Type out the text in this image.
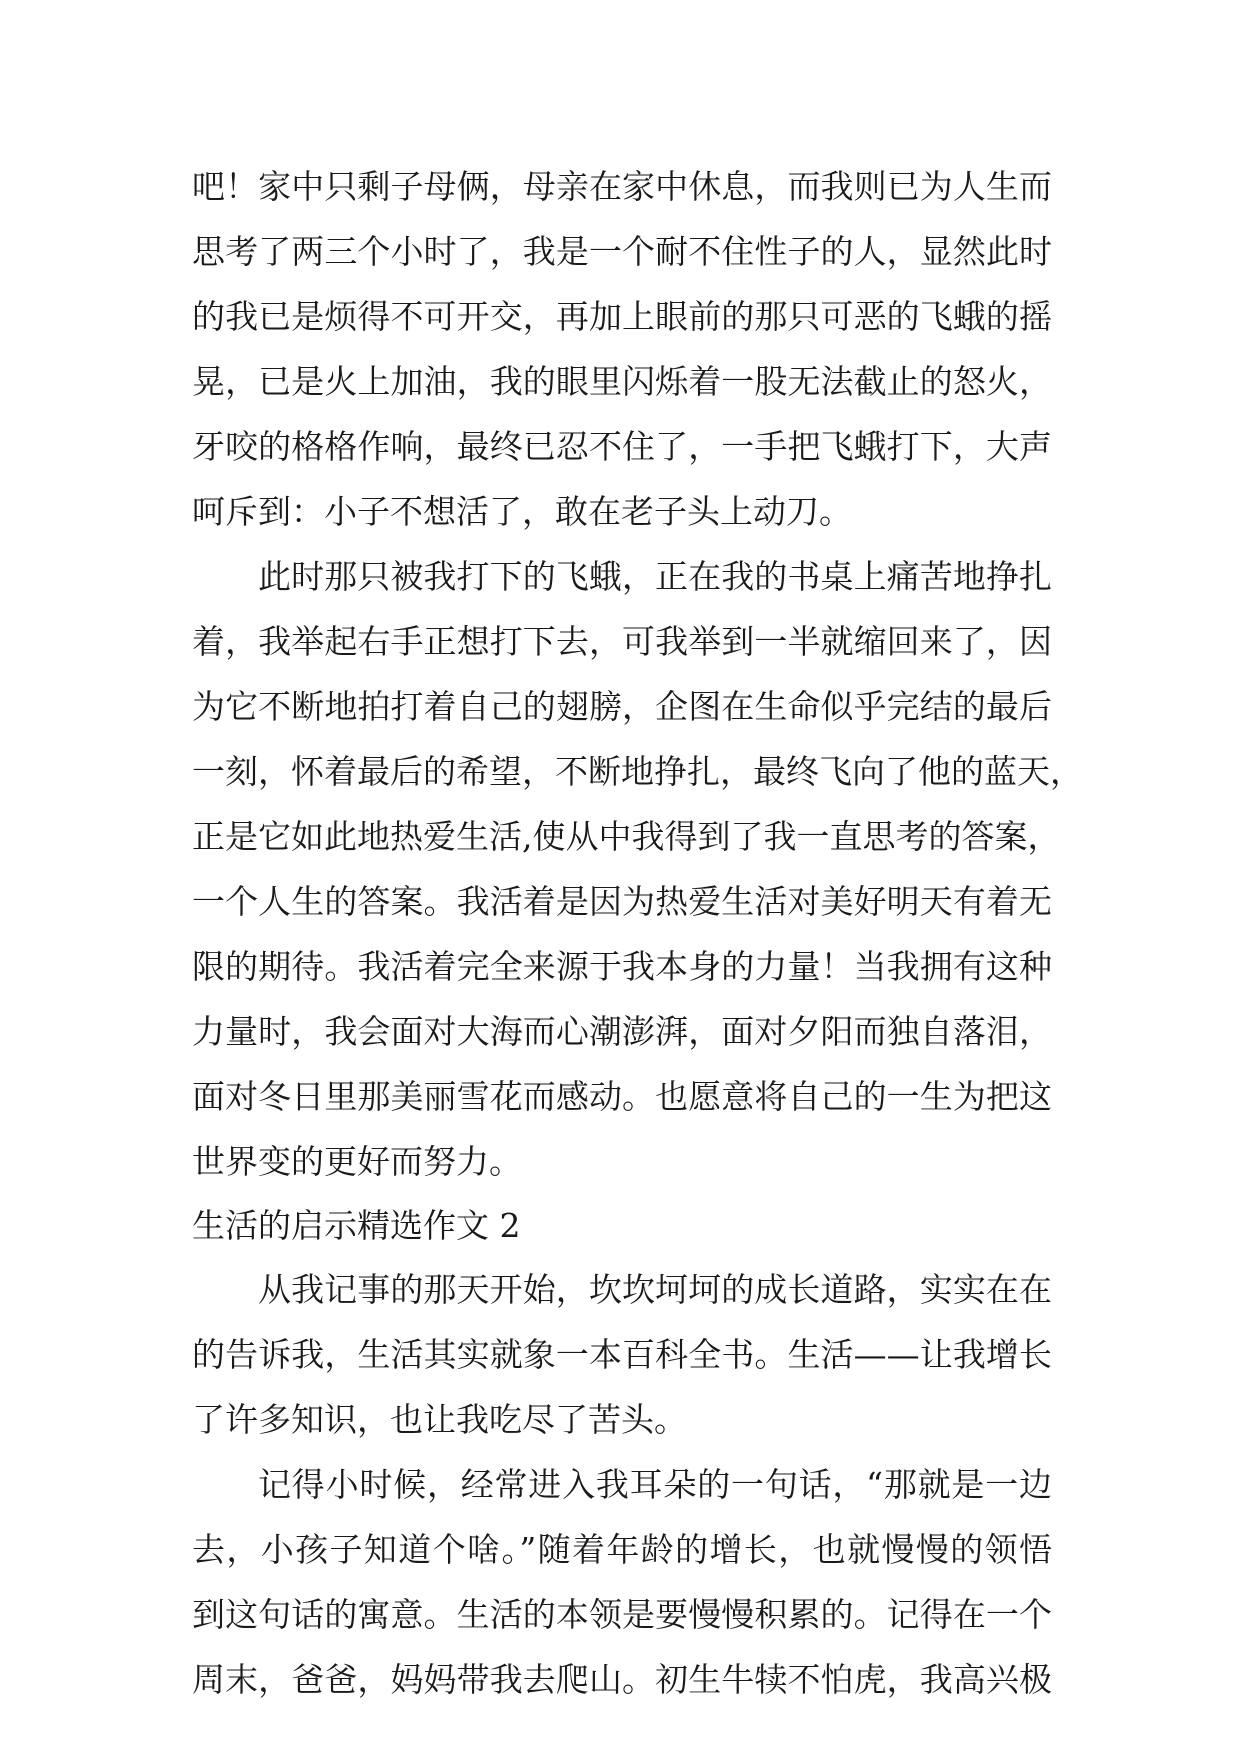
吧！家中只剩子母俩，母亲在家中休息，而我则已为人生而
思考了两三个小时了，我是一个耐不住性子的人，显然此时
的我已是烦得不可开交，再加上眼前的那只可恶的飞蛾的摇
晃，已是火上加油，我的眼里闪烁着一股无法截止的怒火，
牙咬的格格作响，最终已忍不住了，一手把飞蛾打下，大声
呵斥到：小子不想活了，敢在老子头上动刀。
此时那只被我打下的飞蛾，正在我的书桌上痛苦地挣扎
着，我举起右手正想打下去，可我举到一半就缩回来了，因
为它不断地拍打着自己的翅膀，企图在生命似乎完结的最后
一刻，怀着最后的希望，不断地挣扎，最终飞向了他的蓝天，
正是它如此地热爱生活,使从中我得到了我一直思考的答案，
一个人生的答案。我活着是因为热爱生活对美好明天有着无
限的期待。我活着完全来源于我本身的力量！当我拥有这种
力量时，我会面对大海而心潮澎湃，面对夕阳而独自落泪，
面对冬日里那美丽雪花而感动。也愿意将自己的一生为把这
世界变的更好而努力。
生活的启示精选作文 2
从我记事的那天开始，坎坎坷坷的成长道路，实实在在
的告诉我，生活其实就象一本百科全书。生活——让我增长
了许多知识，也让我吃尽了苦头。
记得小时候，经常进入我耳朵的一句话，“那就是一边
去，小孩子知道个啥。”随着年龄的增长，也就慢慢的领悟
到这句话的寓意。生活的本领是要慢慢积累的。记得在一个
周末，爸爸，妈妈带我去爬山。初生牛犊不怕虎，我高兴极
